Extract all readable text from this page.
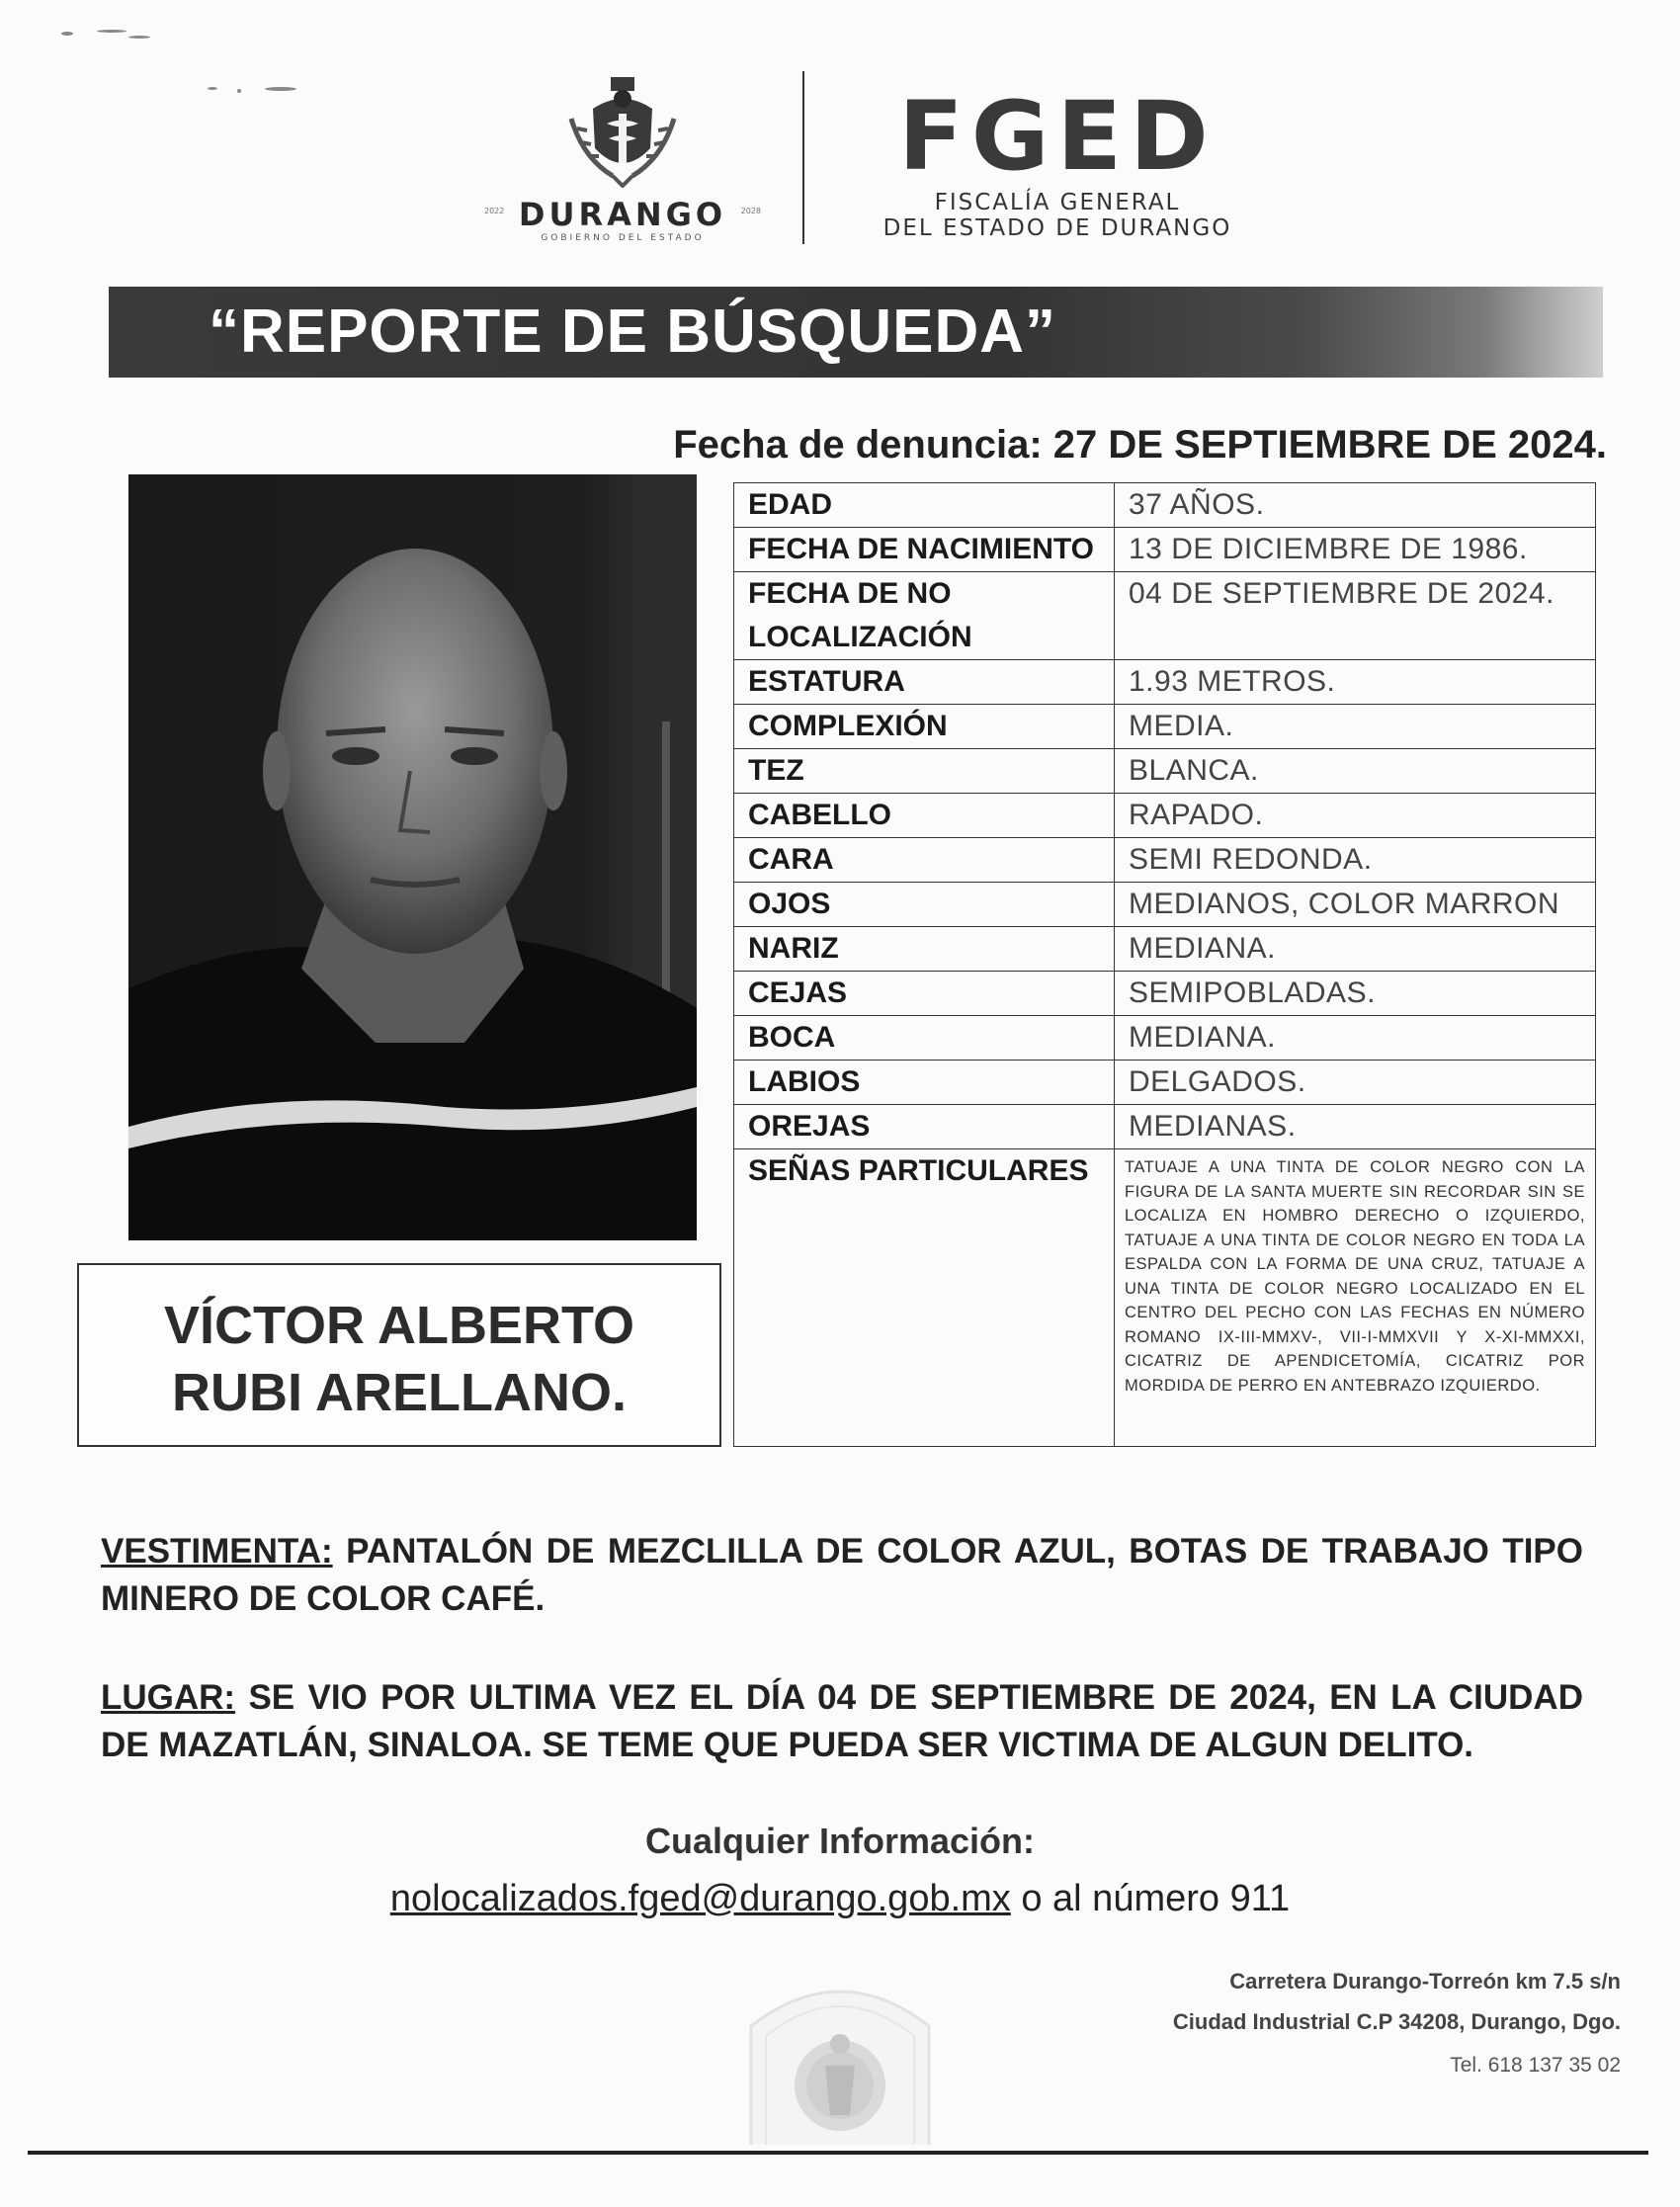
2022 DURANGO	2028
GOBIERNO DEL ESTADO
FGED
FISCALÍA GENERAL
DEL ESTADO DE DURANGO
“REPORTE DE BÚSQUEDA”
Fecha de denuncia: 27 DE SEPTIEMBRE DE 2024.
VÍCTOR ALBERTO
RUBI ARELLANO.
EDAD	37 AÑOS.
FECHA DE NACIMIENTO	13 DE DICIEMBRE DE 1986.
FECHA DE NO LOCALIZACIÓN	04 DE SEPTIEMBRE DE 2024.
ESTATURA	1.93 METROS.
COMPLEXIÓN	MEDIA.
TEZ	BLANCA.
CABELLO	RAPADO.
CARA	SEMI REDONDA.
OJOS	MEDIANOS, COLOR MARRON
NARIZ	MEDIANA.
CEJAS	SEMIPOBLADAS.
BOCA	MEDIANA.
LABIOS	DELGADOS.
OREJAS	MEDIANAS.
SEÑAS PARTICULARES	TATUAJE A UNA TINTA DE COLOR NEGRO CON LA FIGURA DE LA SANTA MUERTE SIN RECORDAR SIN SE LOCALIZA EN HOMBRO DERECHO O IZQUIERDO, TATUAJE A UNA TINTA DE COLOR NEGRO EN TODA LA ESPALDA CON LA FORMA DE UNA CRUZ, TATUAJE A UNA TINTA DE COLOR NEGRO LOCALIZADO EN EL CENTRO DEL PECHO CON LAS FECHAS EN NÚMERO ROMANO IX-III-MMXV-, VII-I-MMXVII Y X-XI-MMXXI, CICATRIZ DE APENDICETOMÍA, CICATRIZ POR MORDIDA DE PERRO EN ANTEBRAZO IZQUIERDO.
VESTIMENTA: PANTALÓN DE MEZCLILLA DE COLOR AZUL, BOTAS DE TRABAJO TIPO MINERO DE COLOR CAFÉ.
LUGAR: SE VIO POR ULTIMA VEZ EL DÍA 04 DE SEPTIEMBRE DE 2024, EN LA CIUDAD DE MAZATLÁN, SINALOA. SE TEME QUE PUEDA SER VICTIMA DE ALGUN DELITO.
Cualquier Información:
nolocalizados.fged@durango.gob.mx o al número 911
Carretera Durango-Torreón km 7.5 s/n
Ciudad Industrial C.P 34208, Durango, Dgo.
Tel. 618 137 35 02
